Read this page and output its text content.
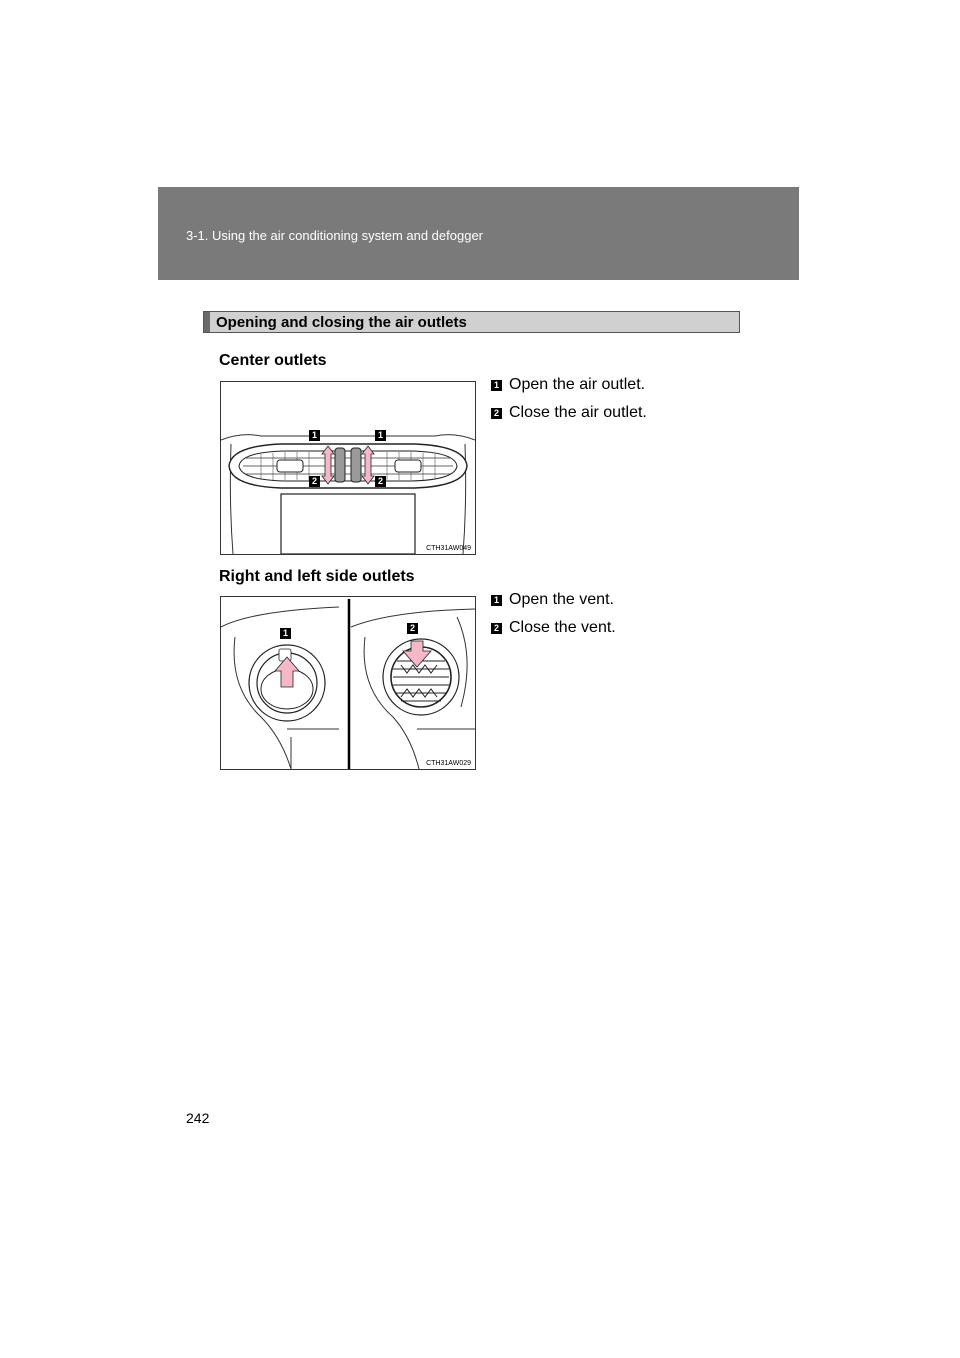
3-1. Using the air conditioning system and defogger
Opening and closing the air outlets
Center outlets
1	1
2	2
CTH31AW049
1 Open the air outlet.
2 Close the air outlet.
Right and left side outlets
1	2
CTH31AW029
1 Open the vent.
2 Close the vent.
242
